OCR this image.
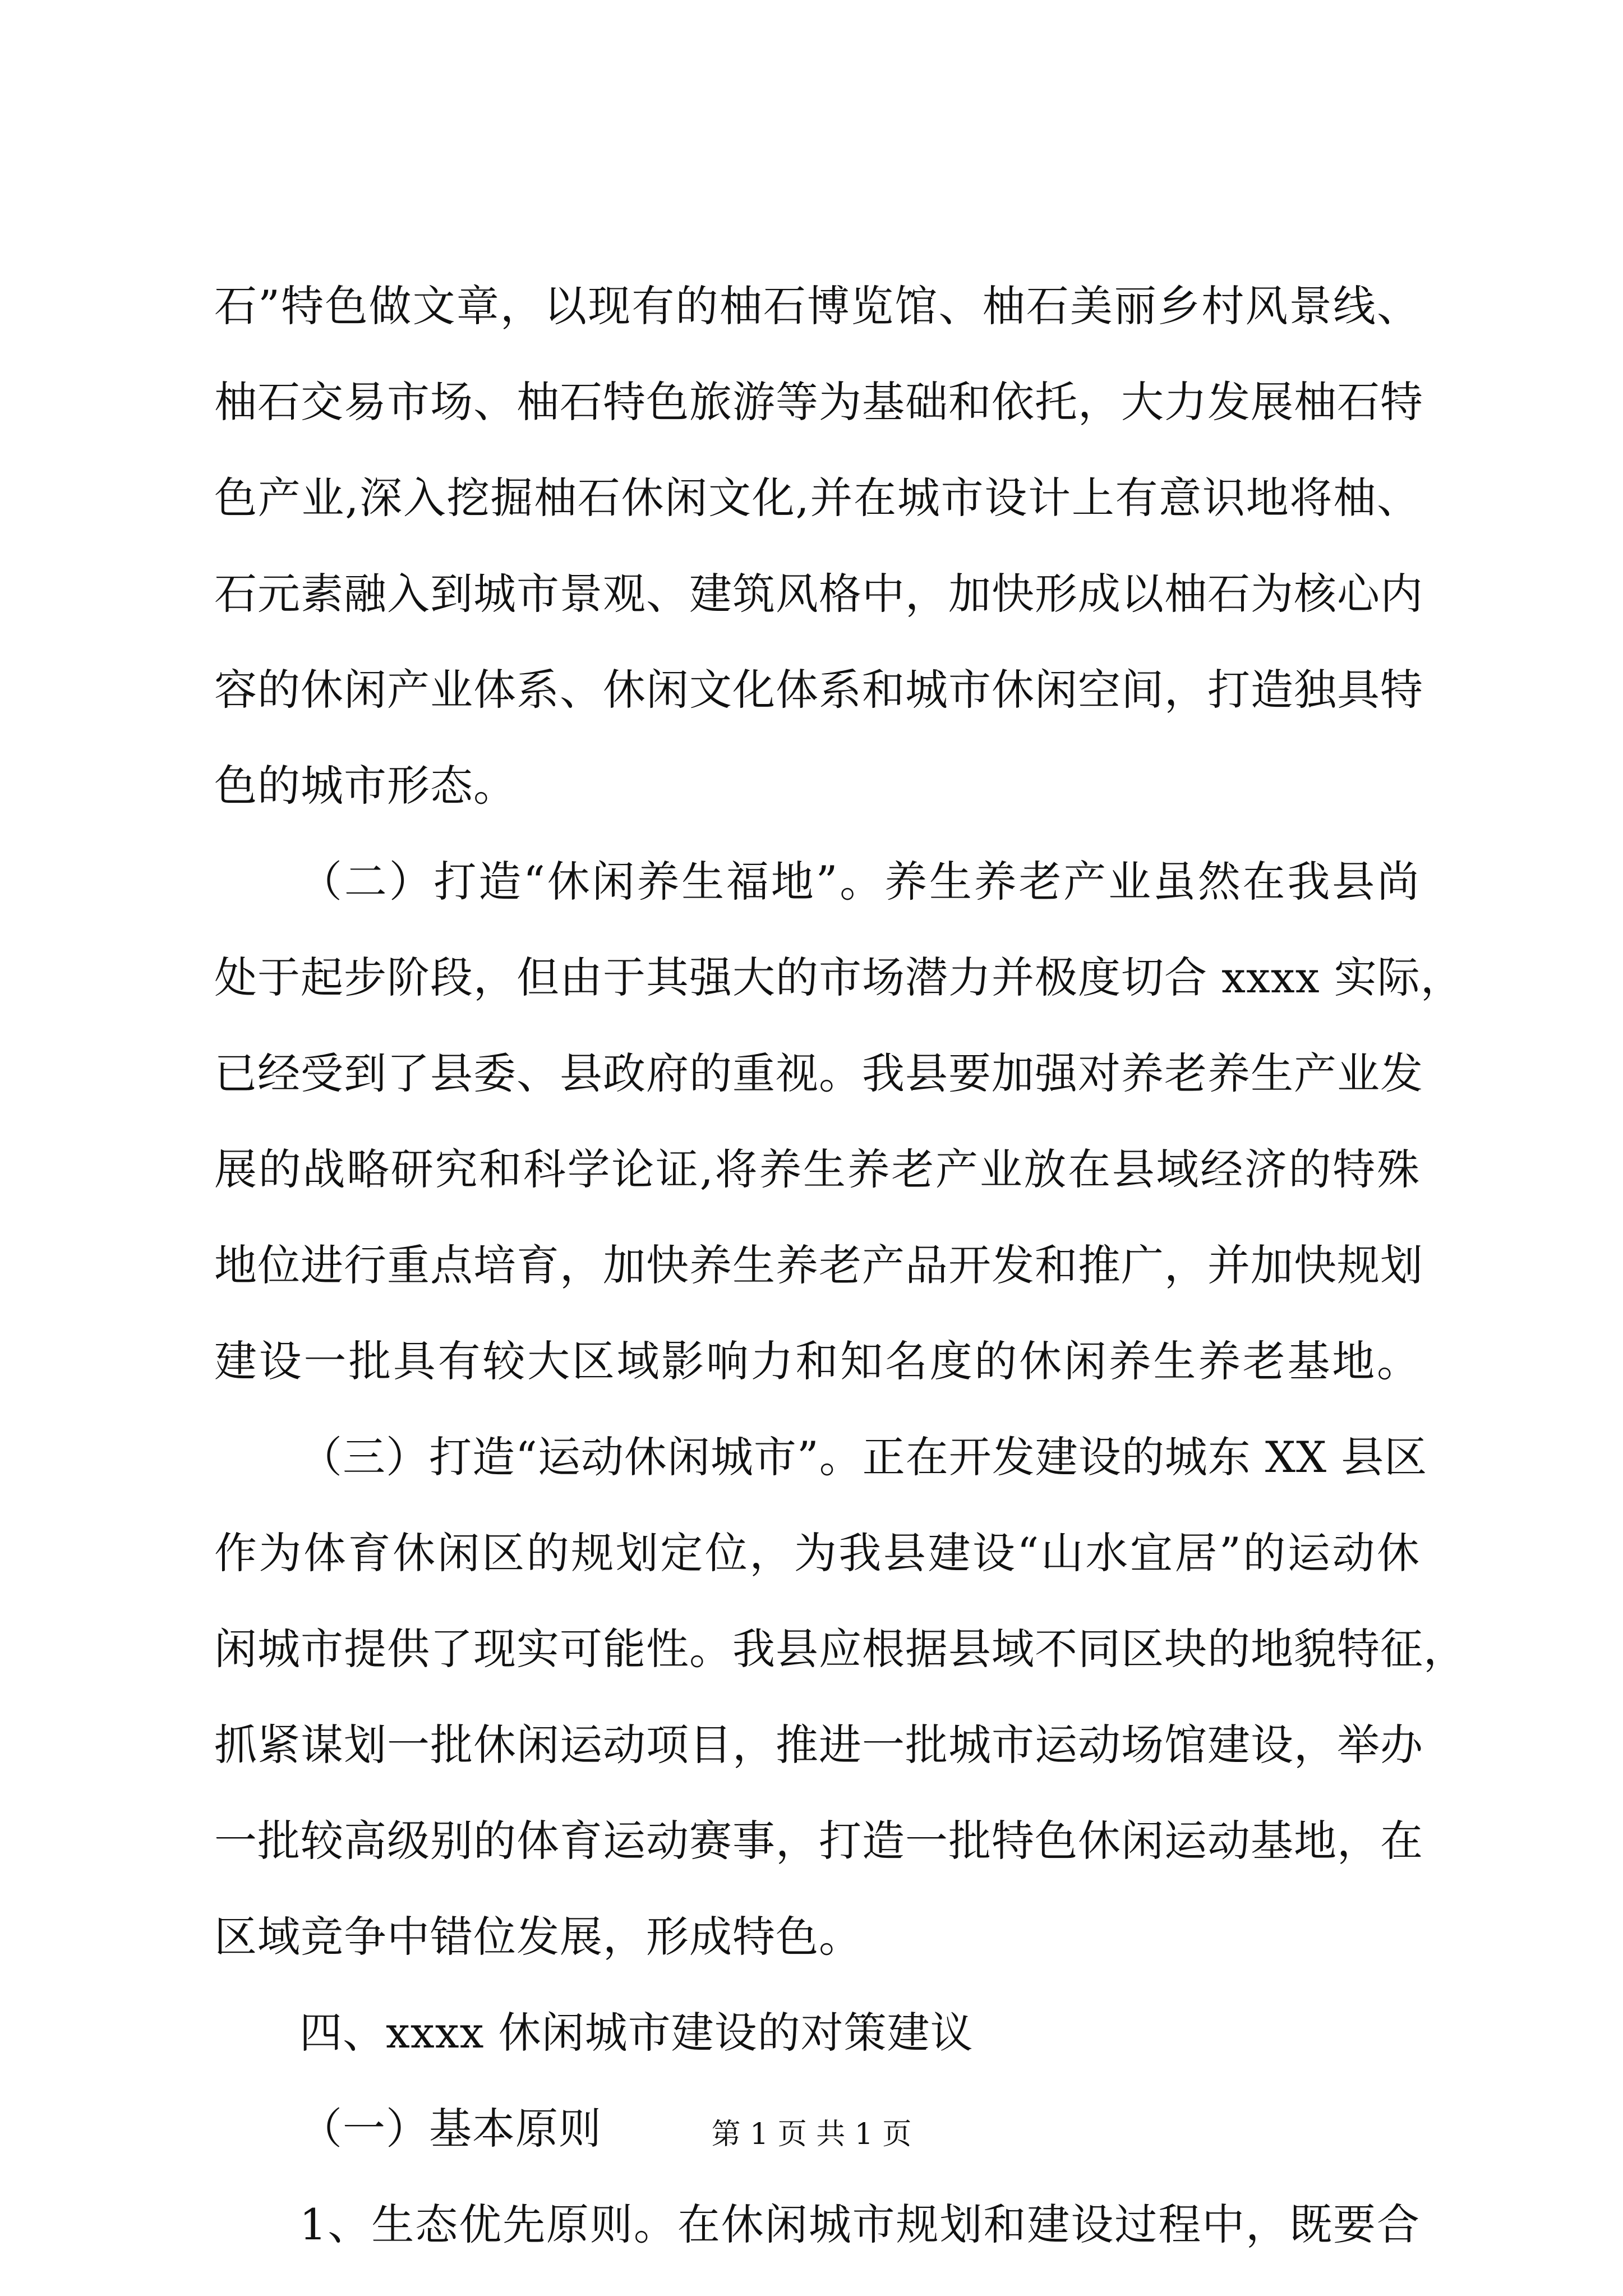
石”特色做文章，以现有的柚石博览馆、柚石美丽乡村风景线、
柚石交易市场、柚石特色旅游等为基础和依托，大力发展柚石特
色产业,深入挖掘柚石休闲文化,并在城市设计上有意识地将柚、
石元素融入到城市景观、建筑风格中，加快形成以柚石为核心内
容的休闲产业体系、休闲文化体系和城市休闲空间，打造独具特
色的城市形态。
（二）打造“休闲养生福地”。养生养老产业虽然在我县尚
处于起步阶段，但由于其强大的市场潜力并极度切合 xxxx 实际，
已经受到了县委、县政府的重视。我县要加强对养老养生产业发
展的战略研究和科学论证,将养生养老产业放在县域经济的特殊
地位进行重点培育，加快养生养老产品开发和推广，并加快规划
建设一批具有较大区域影响力和知名度的休闲养生养老基地。
（三）打造“运动休闲城市”。正在开发建设的城东 XX 县区
作为体育休闲区的规划定位，为我县建设“山水宜居”的运动休
闲城市提供了现实可能性。我县应根据县域不同区块的地貌特征，
抓紧谋划一批休闲运动项目，推进一批城市运动场馆建设，举办
一批较高级别的体育运动赛事，打造一批特色休闲运动基地，在
区域竞争中错位发展，形成特色。
四、xxxx 休闲城市建设的对策建议
（一）基本原则
1、生态优先原则。在休闲城市规划和建设过程中，既要合
第 1 页 共 1 页
